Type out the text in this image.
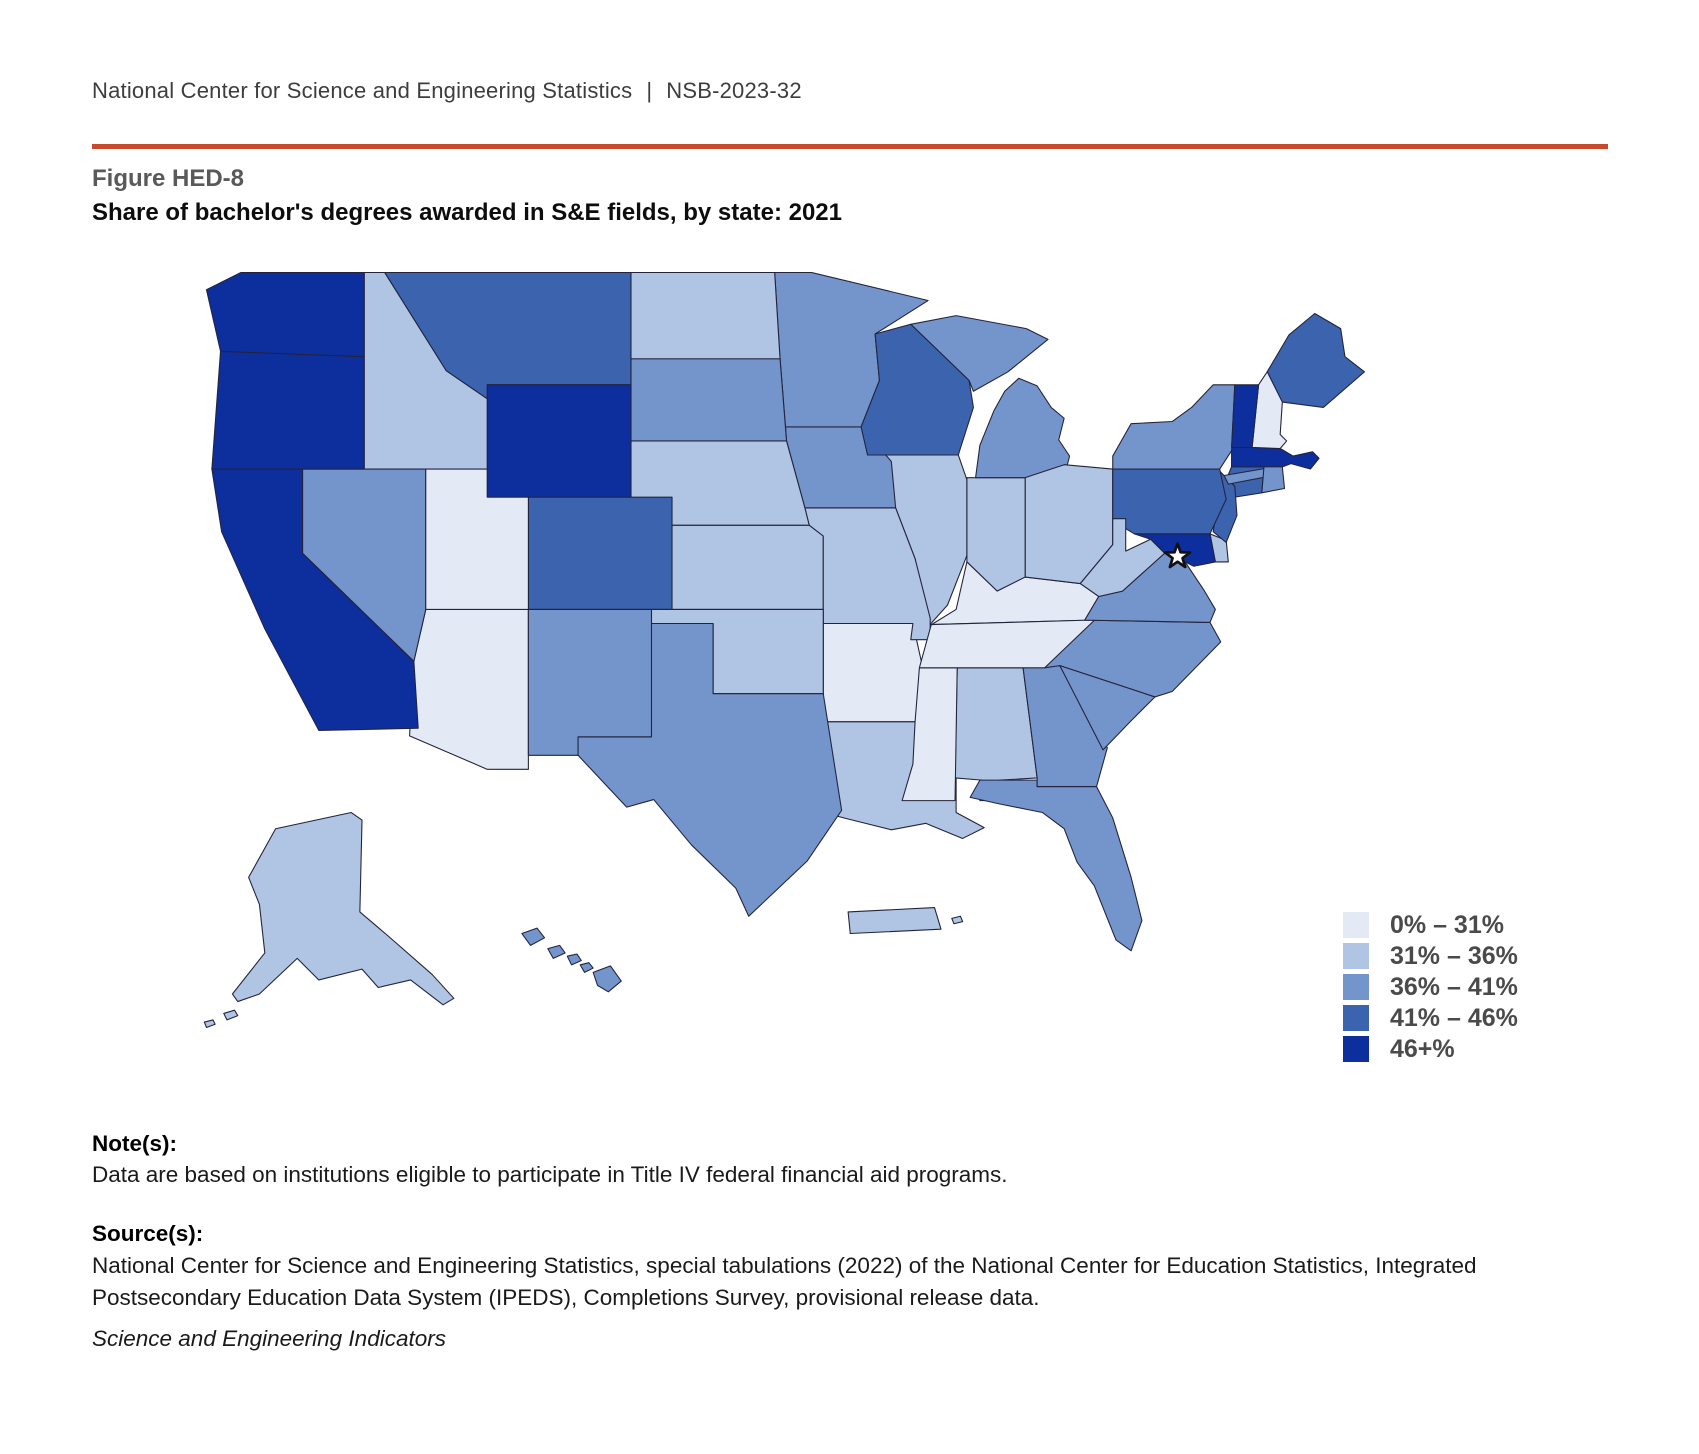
National Center for Science and Engineering Statistics | NSB-2023-32
Figure HED-8
Share of bachelor's degrees awarded in S&E fields, by state: 2021
0% – 31%
31% – 36%
36% – 41%
41% – 46%
46+%
Note(s):
Data are based on institutions eligible to participate in Title IV federal financial aid programs.
Source(s):
National Center for Science and Engineering Statistics, special tabulations (2022) of the National Center for Education Statistics, Integrated Postsecondary Education Data System (IPEDS), Completions Survey, provisional release data.
Science and Engineering Indicators
